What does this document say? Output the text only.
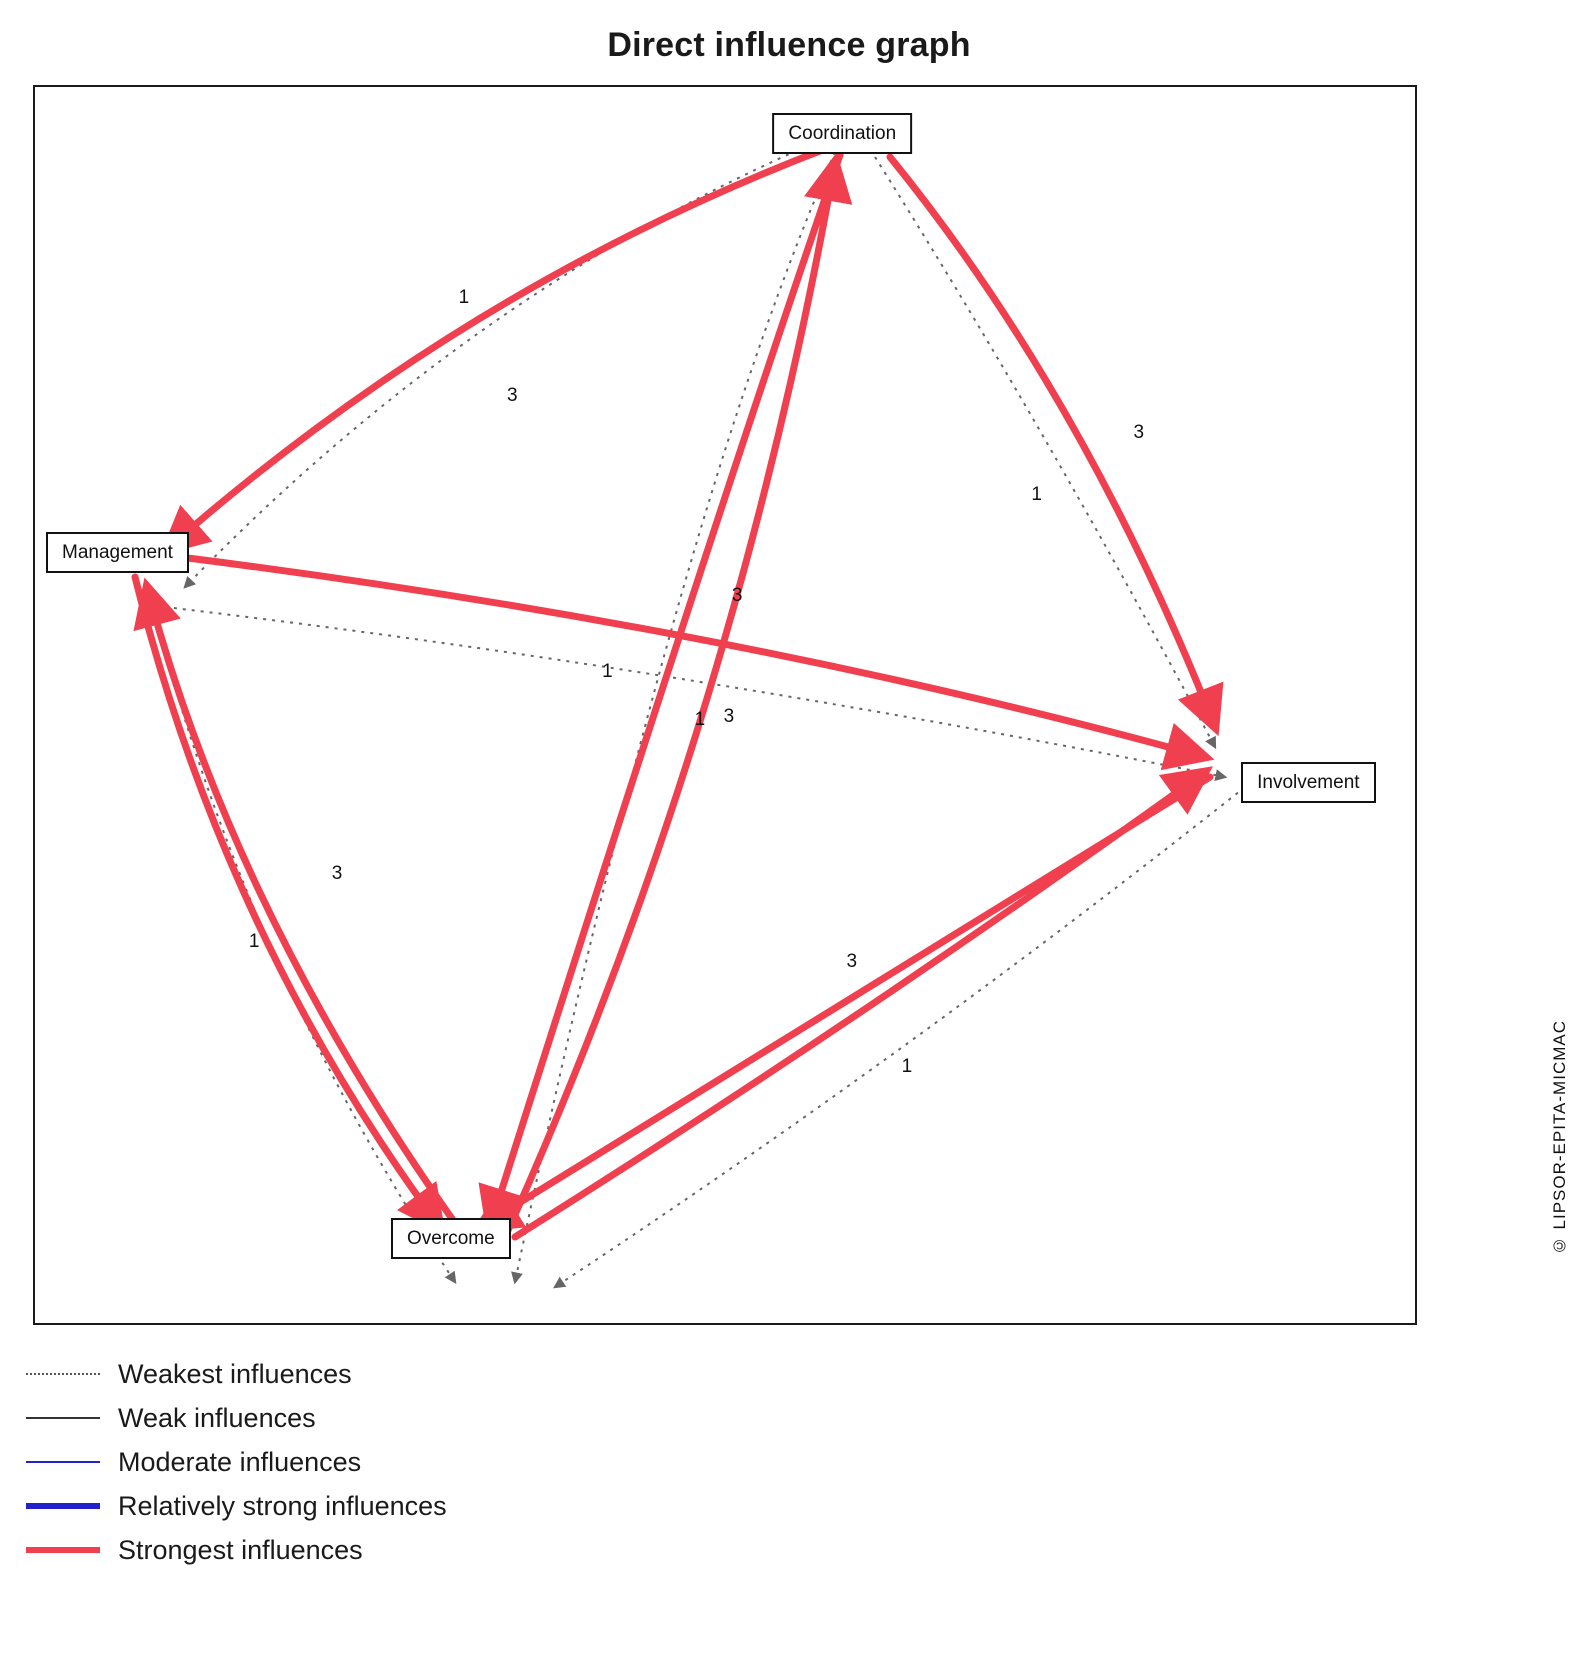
Direct influence graph
Coordination
Management
Involvement
Overcome
1
3
3
1
3
1
3
1
3
1
3
1	© LIPSOR-EPITA-MICMAC
Weakest influences
Weak influences
Moderate influences
Relatively strong influences
Strongest influences
